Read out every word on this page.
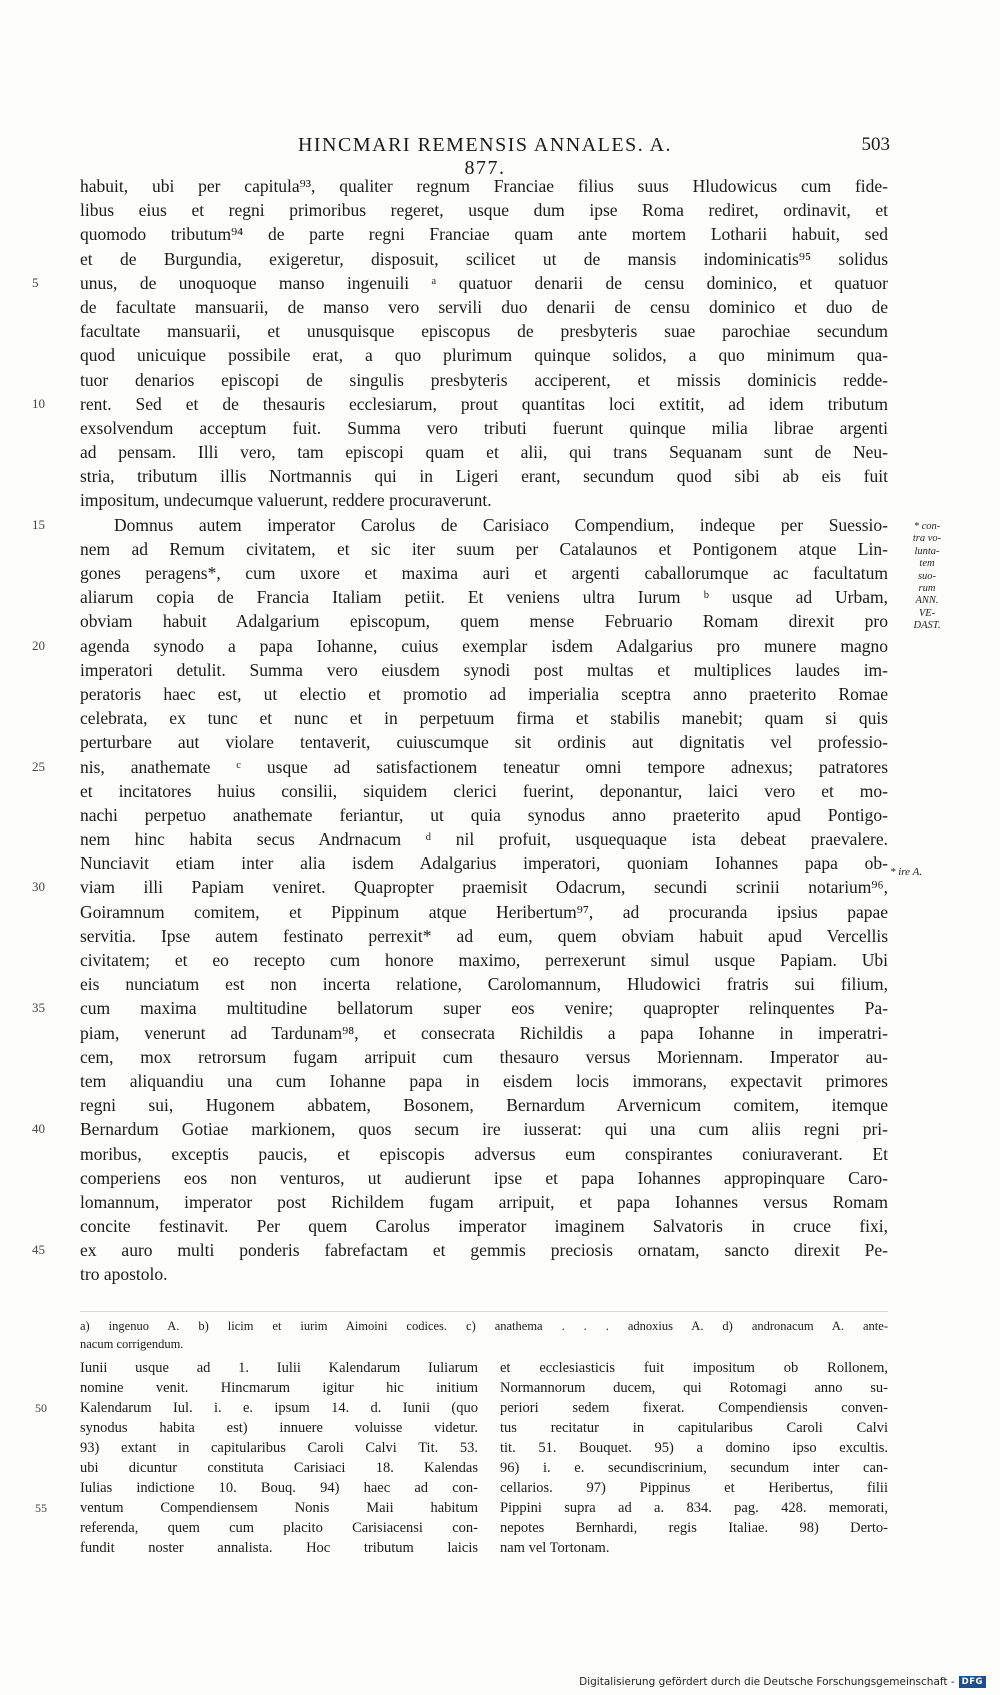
HINCMARI REMENSIS ANNALES. A. 877.
503
habuit, ubi per capitula⁹³, qualiter regnum Franciae filius suus Hludowicus cum fide-
libus eius et regni primoribus regeret, usque dum ipse Roma rediret, ordinavit, et
quomodo tributum⁹⁴ de parte regni Franciae quam ante mortem Lotharii habuit, sed
et de Burgundia, exigeretur, disposuit, scilicet ut de mansis indominicatis⁹⁵ solidus
unus, de unoquoque manso ingenuili ᵃ quatuor denarii de censu dominico, et quatuor
5
de facultate mansuarii, de manso vero servili duo denarii de censu dominico et duo de
facultate mansuarii, et unusquisque episcopus de presbyteris suae parochiae secundum
quod unicuique possibile erat, a quo plurimum quinque solidos, a quo minimum qua-
tuor denarios episcopi de singulis presbyteris acciperent, et missis dominicis redde-
rent. Sed et de thesauris ecclesiarum, prout quantitas loci extitit, ad idem tributum
10
exsolvendum acceptum fuit. Summa vero tributi fuerunt quinque milia librae argenti
ad pensam. Illi vero, tam episcopi quam et alii, qui trans Sequanam sunt de Neu-
stria, tributum illis Nortmannis qui in Ligeri erant, secundum quod sibi ab eis fuit
impositum, undecumque valuerunt, reddere procuraverunt.
Domnus autem imperator Carolus de Carisiaco Compendium, indeque per Suessio-
15
nem ad Remum civitatem, et sic iter suum per Catalaunos et Pontigonem atque Lin-
gones peragens*, cum uxore et maxima auri et argenti caballorumque ac facultatum
aliarum copia de Francia Italiam petiit. Et veniens ultra Iurum ᵇ usque ad Urbam,
obviam habuit Adalgarium episcopum, quem mense Februario Romam direxit pro
agenda synodo a papa Iohanne, cuius exemplar isdem Adalgarius pro munere magno
20
imperatori detulit. Summa vero eiusdem synodi post multas et multiplices laudes im-
peratoris haec est, ut electio et promotio ad imperialia sceptra anno praeterito Romae
celebrata, ex tunc et nunc et in perpetuum firma et stabilis manebit; quam si quis
perturbare aut violare tentaverit, cuiuscumque sit ordinis aut dignitatis vel professio-
nis, anathemate ᶜ usque ad satisfactionem teneatur omni tempore adnexus; patratores
25
et incitatores huius consilii, siquidem clerici fuerint, deponantur, laici vero et mo-
nachi perpetuo anathemate feriantur, ut quia synodus anno praeterito apud Pontigo-
nem hinc habita secus Andrnacum ᵈ nil profuit, usquequaque ista debeat praevalere.
Nunciavit etiam inter alia isdem Adalgarius imperatori, quoniam Iohannes papa ob-
viam illi Papiam veniret. Quapropter praemisit Odacrum, secundi scrinii notarium⁹⁶,
30
Goiramnum comitem, et Pippinum atque Heribertum⁹⁷, ad procuranda ipsius papae
servitia. Ipse autem festinato perrexit* ad eum, quem obviam habuit apud Vercellis
civitatem; et eo recepto cum honore maximo, perrexerunt simul usque Papiam. Ubi
eis nunciatum est non incerta relatione, Carolomannum, Hludowici fratris sui filium,
cum maxima multitudine bellatorum super eos venire; quapropter relinquentes Pa-
35
piam, venerunt ad Tardunam⁹⁸, et consecrata Richildis a papa Iohanne in imperatri-
cem, mox retrorsum fugam arripuit cum thesauro versus Moriennam. Imperator au-
tem aliquandiu una cum Iohanne papa in eisdem locis immorans, expectavit primores
regni sui, Hugonem abbatem, Bosonem, Bernardum Arvernicum comitem, itemque
Bernardum Gotiae markionem, quos secum ire iusserat: qui una cum aliis regni pri-
40
moribus, exceptis paucis, et episcopis adversus eum conspirantes coniuraverant. Et
comperiens eos non venturos, ut audierunt ipse et papa Iohannes appropinquare Caro-
lomannum, imperator post Richildem fugam arripuit, et papa Iohannes versus Romam
concite festinavit. Per quem Carolus imperator imaginem Salvatoris in cruce fixi,
ex auro multi ponderis fabrefactam et gemmis preciosis ornatam, sancto direxit Pe-
45
tro apostolo.
* con-
tra vo-
lunta-
tem
suo-
rum
ANN.
VE-
DAST.
* ire A.
a) ingenuo A. b) licim et iurim Aimoini codices. c) anathema . . . adnoxius A. d) andronacum A. ante-
nacum corrigendum.
Iunii usque ad 1. Iulii Kalendarum Iuliarum
nomine venit. Hincmarum igitur hic initium
Kalendarum Iul. i. e. ipsum 14. d. Iunii (quo
50
synodus habita est) innuere voluisse videtur.
93) extant in capitularibus Caroli Calvi Tit. 53.
ubi dicuntur constituta Carisiaci 18. Kalendas
Iulias indictione 10. Bouq. 94) haec ad con-
ventum Compendiensem Nonis Maii habitum
55
referenda, quem cum placito Carisiacensi con-
fundit noster annalista. Hoc tributum laicis
et ecclesiasticis fuit impositum ob Rollonem,
Normannorum ducem, qui Rotomagi anno su-
periori sedem fixerat. Compendiensis conven-
tus recitatur in capitularibus Caroli Calvi
tit. 51. Bouquet. 95) a domino ipso excultis.
96) i. e. secundiscrinium, secundum inter can-
cellarios. 97) Pippinus et Heribertus, filii
Pippini supra ad a. 834. pag. 428. memorati,
nepotes Bernhardi, regis Italiae. 98) Derto-
nam vel Tortonam.
Digitalisierung gefördert durch die Deutsche Forschungsgemeinschaft - DFG
